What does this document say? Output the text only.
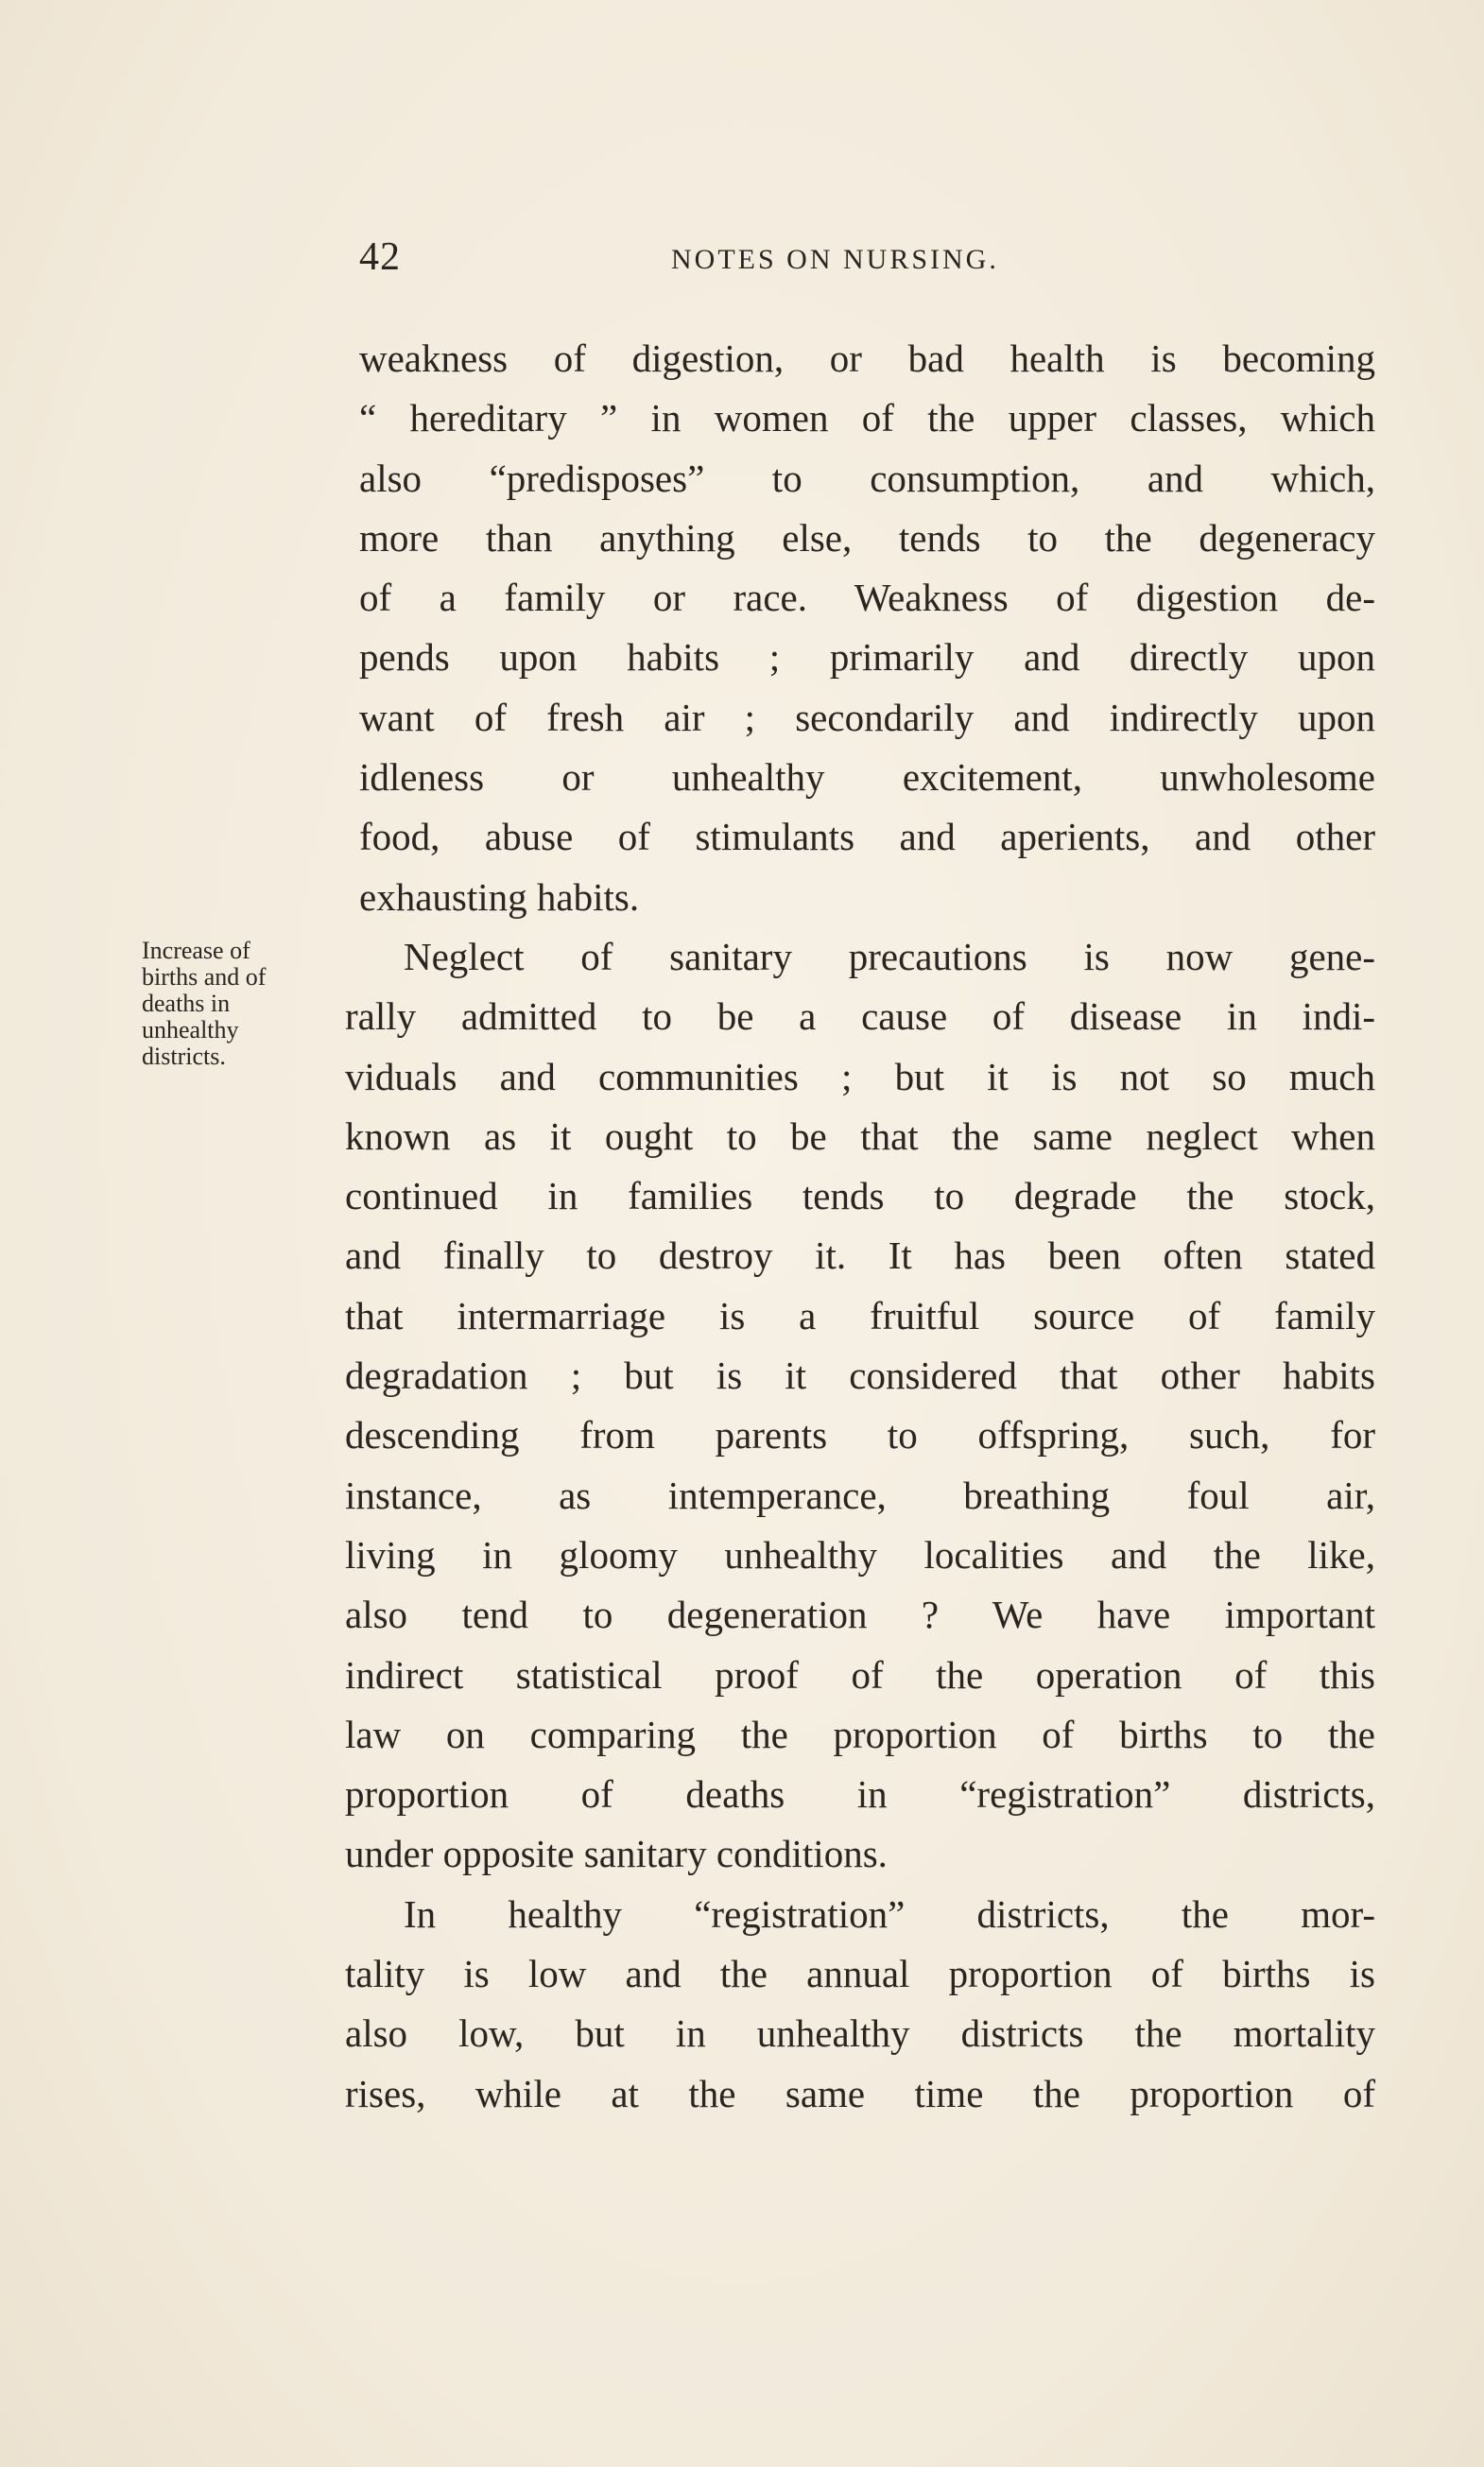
42	NOTES ON NURSING.
Increase of
births and of
deaths in
unhealthy
districts.
weakness of digestion, or bad health is becoming
“ hereditary ” in women of the upper classes, which
also “predisposes” to consumption, and which,
more than anything else, tends to the degeneracy
of a family or race. Weakness of digestion de-
pends upon habits ; primarily and directly upon
want of fresh air ; secondarily and indirectly upon
idleness or unhealthy excitement, unwholesome
food, abuse of stimulants and aperients, and other
exhausting habits.
Neglect of sanitary precautions is now gene-
rally admitted to be a cause of disease in indi-
viduals and communities ; but it is not so much
known as it ought to be that the same neglect when
continued in families tends to degrade the stock,
and finally to destroy it. It has been often stated
that intermarriage is a fruitful source of family
degradation ; but is it considered that other habits
descending from parents to offspring, such, for
instance, as intemperance, breathing foul air,
living in gloomy unhealthy localities and the like,
also tend to degeneration ? We have important
indirect statistical proof of the operation of this
law on comparing the proportion of births to the
proportion of deaths in “registration” districts,
under opposite sanitary conditions.
In healthy “registration” districts, the mor-
tality is low and the annual proportion of births is
also low, but in unhealthy districts the mortality
rises, while at the same time the proportion of
